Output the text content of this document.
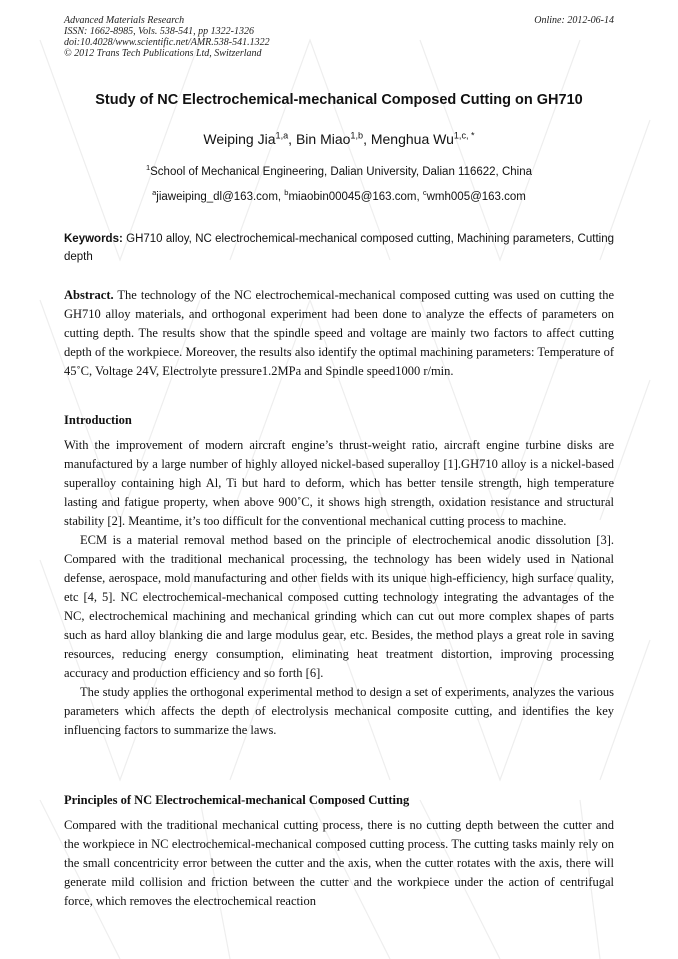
Advanced Materials Research
ISSN: 1662-8985, Vols. 538-541, pp 1322-1326
doi:10.4028/www.scientific.net/AMR.538-541.1322
© 2012 Trans Tech Publications Ltd, Switzerland
Online: 2012-06-14
Study of NC Electrochemical-mechanical Composed Cutting on GH710
Weiping Jia$^{1,a}$, Bin Miao$^{1,b}$, Menghua $Wu^{1,c, *}$
$^1$School of Mechanical Engineering, Dalian University, Dalian 116622, China
$^a$jiaweiping_dl@163.com, $^b$miaobin00045@163.com, $^c$wmh005@163.com
Keywords: GH710 alloy, NC electrochemical-mechanical composed cutting, Machining parameters, Cutting depth
Abstract. The technology of the NC electrochemical-mechanical composed cutting was used on cutting the GH710 alloy materials, and orthogonal experiment had been done to analyze the effects of parameters on cutting depth. The results show that the spindle speed and voltage are mainly two factors to affect cutting depth of the workpiece. Moreover, the results also identify the optimal machining parameters: Temperature of 45˚C, Voltage 24V, Electrolyte pressure1.2MPa and Spindle speed1000 r/min.
Introduction

With the improvement of modern aircraft engine’s thrust-weight ratio, aircraft engine turbine disks are manufactured by a large number of highly alloyed nickel-based superalloy [1].GH710 alloy is a nickel-based superalloy containing high Al, Ti but hard to deform, which has better tensile strength, high temperature lasting and fatigue property, when above 900˚C, it shows high strength, oxidation resistance and structural stability [2]. Meantime, it’s too difficult for the conventional mechanical cutting process to machine.

ECM is a material removal method based on the principle of electrochemical anodic dissolution [3]. Compared with the traditional mechanical processing, the technology has been widely used in National defense, aerospace, mold manufacturing and other fields with its unique high-efficiency, high surface quality, etc [4, 5]. NC electrochemical-mechanical composed cutting technology integrating the advantages of the NC, electrochemical machining and mechanical grinding which can cut out more complex shapes of parts such as hard alloy blanking die and large modulus gear, etc. Besides, the method plays a great role in saving resources, reducing energy consumption, eliminating heat treatment distortion, improving processing accuracy and production efficiency and so forth [6].

The study applies the orthogonal experimental method to design a set of experiments, analyzes the various parameters which affects the depth of electrolysis mechanical composite cutting, and identifies the key influencing factors to summarize the laws.

Principles of NC Electrochemical-mechanical Composed Cutting

Compared with the traditional mechanical cutting process, there is no cutting depth between the cutter and the workpiece in NC electrochemical-mechanical composed cutting process. The cutting tasks mainly rely on the small concentricity error between the cutter and the axis, when the cutter rotates with the axis, there will generate mild collision and friction between the cutter and the workpiece under the action of centrifugal force, which removes the electrochemical reaction
